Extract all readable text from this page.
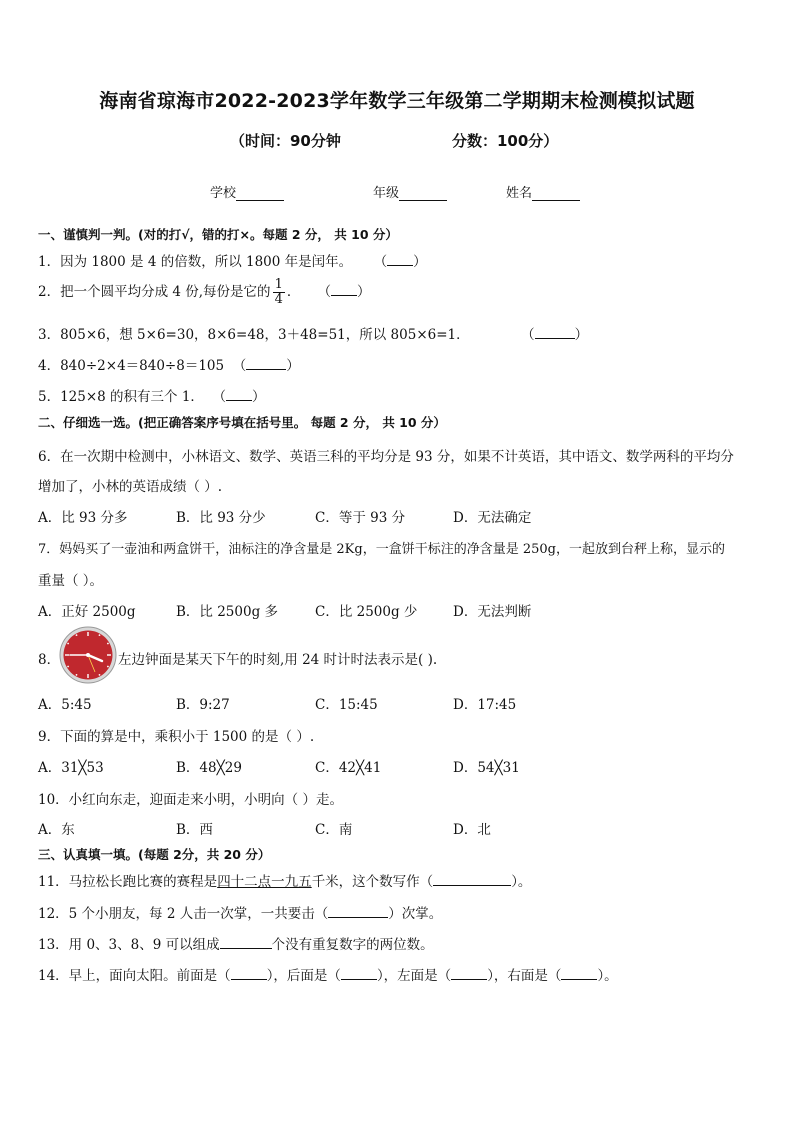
海南省琼海市2022-2023学年数学三年级第二学期期末检测模拟试题
（时间：90分钟	分数：100分）
学校	年级	姓名
一、谨慎判一判。(对的打√，错的打×。每题 2 分， 共 10 分）
1．因为 1800 是 4 的倍数，所以 1800 年是闰年。 （ ）
2．把一个圆平均分成 4 份,每份是它的 $\frac{1}{4}$ ． （ ）
3．805×6，想 5×6=30，8×6=48，3＋48=51，所以 805×6=1．	（	）
4．840÷2×4＝840÷8＝105 （	）
5．125×8 的积有三个 1． （ ）
二、仔细选一选。(把正确答案序号填在括号里。 每题 2 分， 共 10 分）
6．在一次期中检测中，小林语文、数学、英语三科的平均分是 93 分，如果不计英语，其中语文、数学两科的平均分
增加了，小林的英语成绩（ ）.
A．比 93 分多	B．比 93 分少	C．等于 93 分	D．无法确定
7．妈妈买了一壶油和两盒饼干，油标注的净含量是 2Kg，一盒饼干标注的净含量是 250g，一起放到台秤上称，显示的
重量（ ）。
A．正好 2500g	B．比 2500g 多	C．比 2500g 少	D．无法判断
8．	左边钟面是某天下午的时刻,用 24 时计时法表示是( ).
A．5:45	B．9:27	C．15:45	D．17:45
9．下面的算是中，乘积小于 1500 的是（ ）.
A．31╳53	B．48╳29	C．42╳41	D．54╳31
10．小红向东走，迎面走来小明，小明向（ ）走。
A．东	B．西	C．南	D．北
三、认真填一填。(每题 2分，共 20 分）
11．马拉松长跑比赛的赛程是四十二点一九五千米，这个数写作（	）。
12．5 个小朋友，每 2 人击一次掌，一共要击（	）次掌。
13．用 0、3、8、9 可以组成	个没有重复数字的两位数。
14．早上，面向太阳。前面是（	），后面是（	），左面是（	），右面是（	）。
